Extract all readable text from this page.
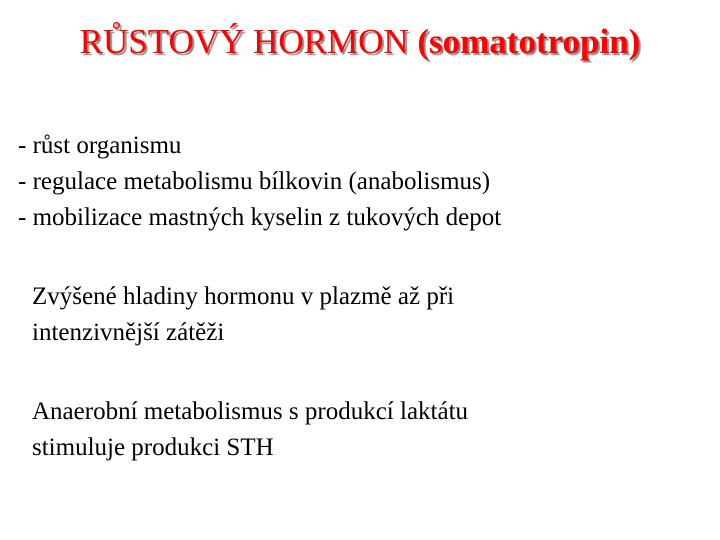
RŮSTOVÝ HORMON (somatotropin)
- růst organismu
- regulace metabolismu bílkovin (anabolismus)
- mobilizace mastných kyselin z tukových depot

Zvýšené hladiny hormonu v plazmě až při
intenzivnější zátěži

Anaerobní metabolismus s produkcí laktátu
stimuluje produkci STH
